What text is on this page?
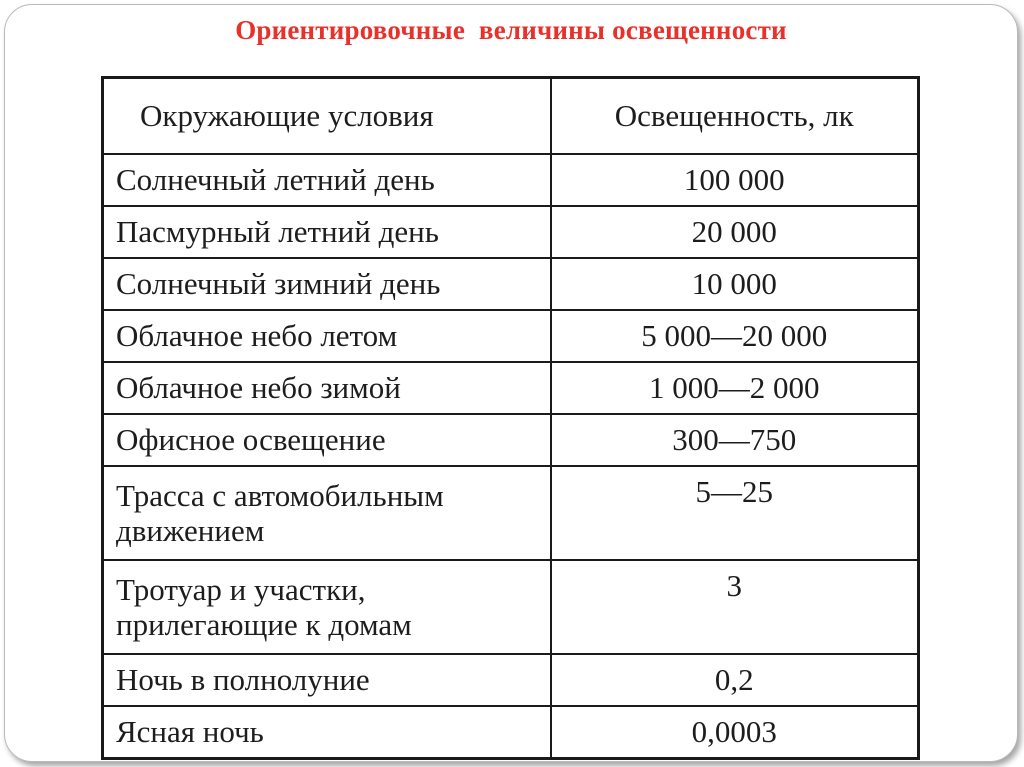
Ориентировочные  величины освещенности
Окружающие условия	Освещенность, лк
Солнечный летний день	100 000
Пасмурный летний день	20 000
Солнечный зимний день	10 000
Облачное небо летом	5 000—20 000
Облачное небо зимой	1 000—2 000
Офисное освещение	300—750
Трасса с автомобильным движением	5—25
Тротуар и участки, прилегающие к домам	3
Ночь в полнолуние	0,2
Ясная ночь	0,0003
